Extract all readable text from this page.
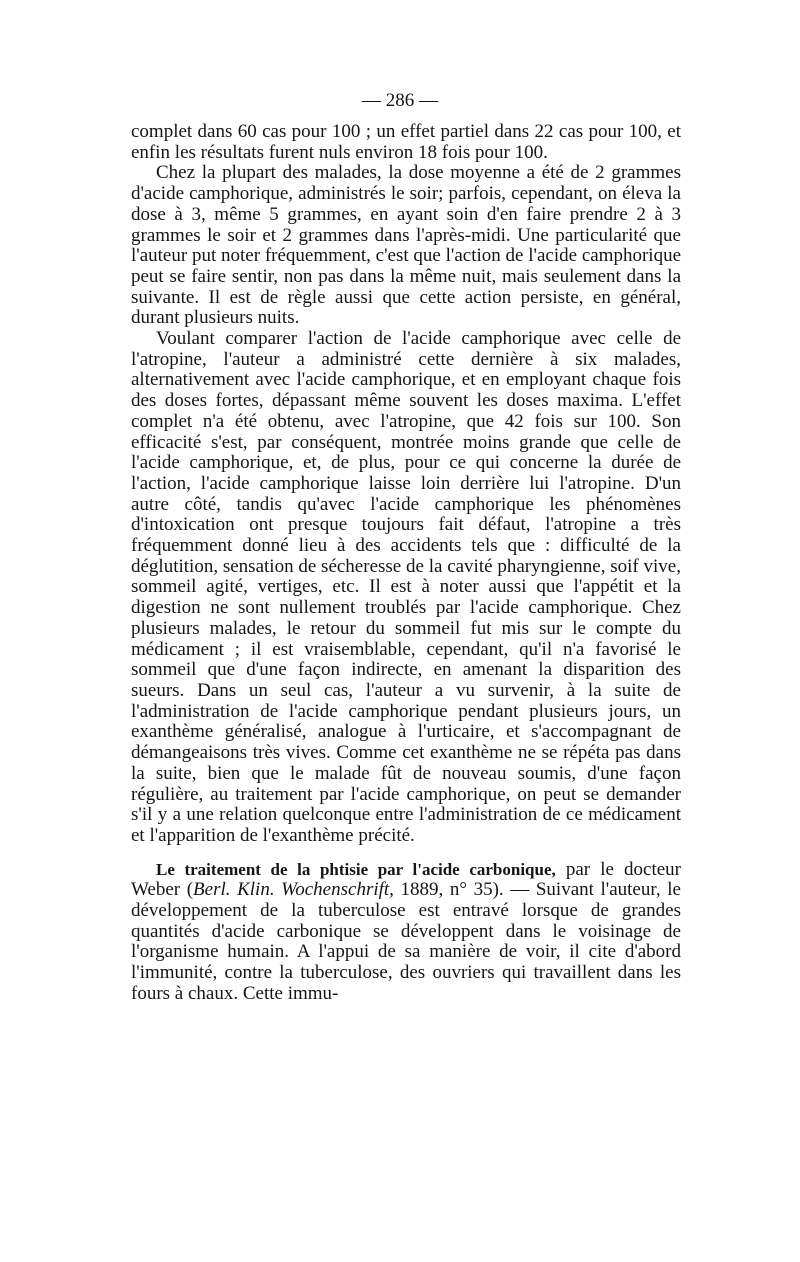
— 286 —

complet dans 60 cas pour 100 ; un effet partiel dans 22 cas pour 100, et enfin les résultats furent nuls environ 18 fois pour 100.

Chez la plupart des malades, la dose moyenne a été de 2 grammes d'acide camphorique, administrés le soir; parfois, cependant, on éleva la dose à 3, même 5 grammes, en ayant soin d'en faire prendre 2 à 3 grammes le soir et 2 grammes dans l'après-midi. Une particularité que l'auteur put noter fréquemment, c'est que l'action de l'acide camphorique peut se faire sentir, non pas dans la même nuit, mais seulement dans la suivante. Il est de règle aussi que cette action persiste, en général, durant plusieurs nuits.

Voulant comparer l'action de l'acide camphorique avec celle de l'atropine, l'auteur a administré cette dernière à six malades, alternativement avec l'acide camphorique, et en employant chaque fois des doses fortes, dépassant même souvent les doses maxima. L'effet complet n'a été obtenu, avec l'atropine, que 42 fois sur 100. Son efficacité s'est, par conséquent, montrée moins grande que celle de l'acide camphorique, et, de plus, pour ce qui concerne la durée de l'action, l'acide camphorique laisse loin derrière lui l'atropine. D'un autre côté, tandis qu'avec l'acide camphorique les phénomènes d'intoxication ont presque toujours fait défaut, l'atropine a très fréquemment donné lieu à des accidents tels que : difficulté de la déglutition, sensation de sécheresse de la cavité pharyngienne, soif vive, sommeil agité, vertiges, etc. Il est à noter aussi que l'appétit et la digestion ne sont nullement troublés par l'acide camphorique. Chez plusieurs malades, le retour du sommeil fut mis sur le compte du médicament ; il est vraisemblable, cependant, qu'il n'a favorisé le sommeil que d'une façon indirecte, en amenant la disparition des sueurs. Dans un seul cas, l'auteur a vu survenir, à la suite de l'administration de l'acide camphorique pendant plusieurs jours, un exanthème généralisé, analogue à l'urticaire, et s'accompagnant de démangeaisons très vives. Comme cet exanthème ne se répéta pas dans la suite, bien que le malade fût de nouveau soumis, d'une façon régulière, au traitement par l'acide camphorique, on peut se demander s'il y a une relation quelconque entre l'administration de ce médicament et l'apparition de l'exanthème précité.

Le traitement de la phtisie par l'acide carbonique, par le docteur Weber (Berl. Klin. Wochenschrift, 1889, n° 35). — Suivant l'auteur, le développement de la tuberculose est entravé lorsque de grandes quantités d'acide carbonique se développent dans le voisinage de l'organisme humain. A l'appui de sa manière de voir, il cite d'abord l'immunité, contre la tuberculose, des ouvriers qui travaillent dans les fours à chaux. Cette immu-
